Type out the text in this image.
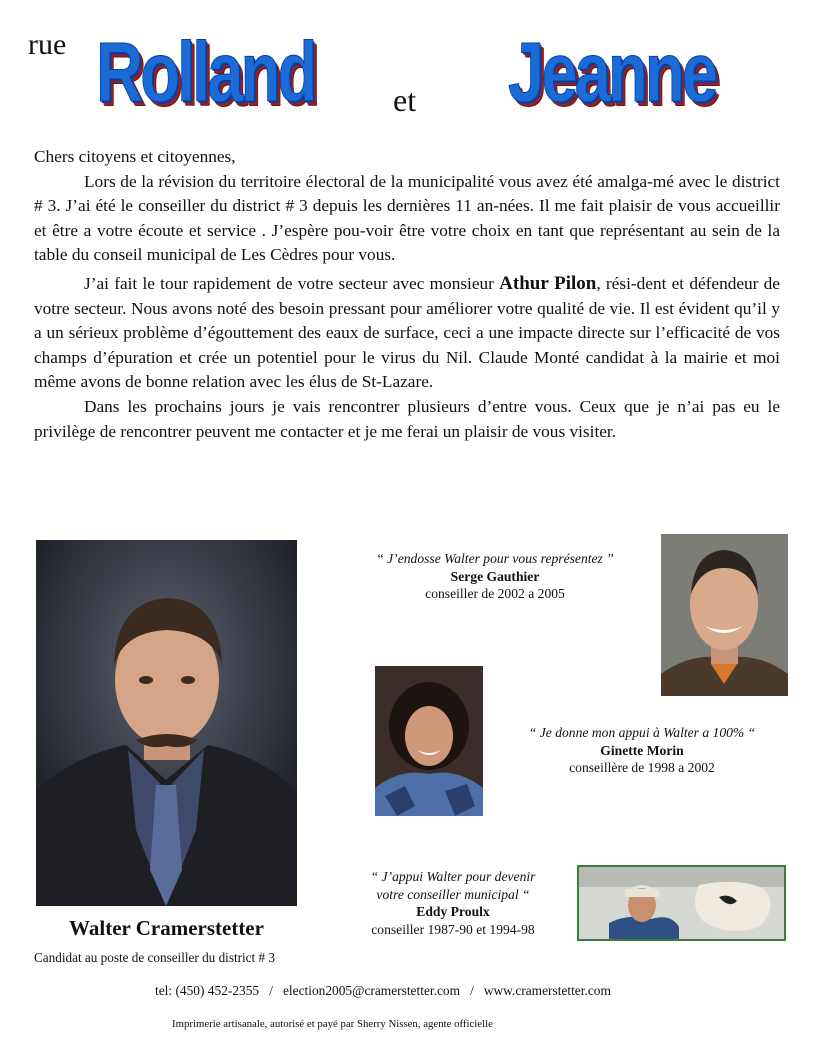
rue Rolland et Jeanne

Chers citoyens et citoyennes,

Lors de la révision du territoire électoral de la municipalité vous avez été amalga-mé avec le district # 3. J’ai été le conseiller du district # 3 depuis les dernières 11 an-nées. Il me fait plaisir de vous accueillir et être a votre écoute et service . J’espère pou-voir être votre choix en tant que représentant au sein de la table du conseil municipal de Les Cèdres pour vous.

J’ai fait le tour rapidement de votre secteur avec monsieur Athur Pilon, rési-dent et défendeur de votre secteur. Nous avons noté des besoin pressant pour améliorer votre qualité de vie. Il est évident qu’il y a un sérieux problème d’égouttement des eaux de surface, ceci a une impacte directe sur l’efficacité de vos champs d’épuration et crée un potentiel pour le virus du Nil. Claude Monté candidat à la mairie et moi même avons de bonne relation avec les élus de St-Lazare.

Dans les prochains jours je vais rencontrer plusieurs d’entre vous. Ceux que je n’ai pas eu le privilège de rencontrer peuvent me contacter et je me ferai un plaisir de vous visiter.

“ J’endosse Walter pour vous représentez ”
Serge Gauthier
conseiller de 2002 a 2005
“ Je donne mon appui à Walter a 100% “
Ginette Morin
conseillère de 1998 a 2002
“ J’appui Walter pour devenir
votre conseiller municipal “
Eddy Proulx
conseiller 1987-90 et 1994-98
Walter Cramerstetter
Candidat au poste de conseiller du district # 3
tel: (450) 452-2355 / election2005@cramerstetter.com / www.cramerstetter.com
Imprimerie artisanale, autorisé et payé par Sherry Nissen, agente officielle
